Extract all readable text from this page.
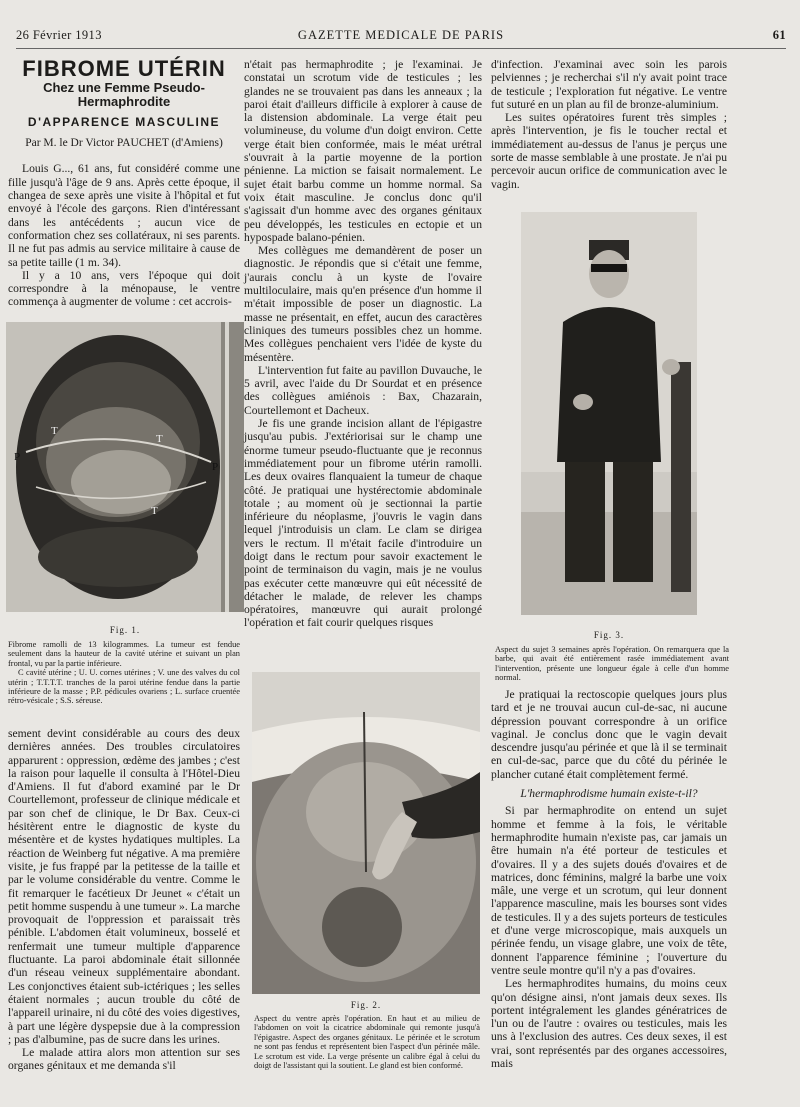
26 Février 1913	GAZETTE MEDICALE DE PARIS	61
FIBROME UTÉRIN
Chez une Femme Pseudo-Hermaphrodite
D'APPARENCE MASCULINE
Par M. le Dr Victor PAUCHET (d'Amiens)

Louis G..., 61 ans, fut considéré comme une fille jusqu'à l'âge de 9 ans. Après cette époque, il changea de sexe après une visite à l'hôpital et fut envoyé à l'école des garçons. Rien d'intéressant dans les antécédents ; aucun vice de conformation chez ses collatéraux, ni ses parents. Il ne fut pas admis au service militaire à cause de sa petite taille (1 m. 34).

Il y a 10 ans, vers l'époque qui doit correspondre à la ménopause, le ventre commença à augmenter de volume : cet accrois-

P
T
T
T
P
Fig. 1.

Fibrome ramolli de 13 kilogrammes. La tumeur est fendue seulement dans la hauteur de la cavité utérine et suivant un plan frontal, vu par la partie inférieure.

C cavité utérine ; U. U. cornes utérines ; V. une des valves du col utérin ; T.T.T.T. tranches de la paroi utérine fendue dans la partie inférieure de la masse ; P.P. pédicules ovariens ; L. surface cruentée rétro-vésicale ; S.S. séreuse.

sement devint considérable au cours des deux dernières années. Des troubles circulatoires apparurent : oppression, œdème des jambes ; c'est la raison pour laquelle il consulta à l'Hôtel-Dieu d'Amiens. Il fut d'abord examiné par le Dr Courtellemont, professeur de clinique médicale et par son chef de clinique, le Dr Bax. Ceux-ci hésitèrent entre le diagnostic de kyste du mésentère et de kystes hydatiques multiples. La réaction de Weinberg fut négative. A ma première visite, je fus frappé par la petitesse de la taille et par le volume considérable du ventre. Comme le fit remarquer le facétieux Dr Jeunet « c'était un petit homme suspendu à une tumeur ». La marche provoquait de l'oppression et paraissait très pénible. L'abdomen était volumineux, bosselé et renfermait une tumeur multiple d'apparence fluctuante. La paroi abdominale était sillonnée d'un réseau veineux supplémentaire abondant. Les conjonctives étaient sub-ictériques ; les selles étaient normales ; aucun trouble du côté de l'appareil urinaire, ni du côté des voies digestives, à part une légère dyspepsie due à la compression ; pas d'albumine, pas de sucre dans les urines.

Le malade attira alors mon attention sur ses organes génitaux et me demanda s'il

n'était pas hermaphrodite ; je l'examinai. Je constatai un scrotum vide de testicules ; les glandes ne se trouvaient pas dans les anneaux ; la paroi était d'ailleurs difficile à explorer à cause de la distension abdominale. La verge était peu volumineuse, du volume d'un doigt environ. Cette verge était bien conformée, mais le méat urétral s'ouvrait à la partie moyenne de la portion pénienne. La miction se faisait normalement. Le sujet était barbu comme un homme normal. Sa voix était masculine. Je conclus donc qu'il s'agissait d'un homme avec des organes génitaux peu développés, les testicules en ectopie et un hypospade balano-pénien.

Mes collègues me demandèrent de poser un diagnostic. Je répondis que si c'était une femme, j'aurais conclu à un kyste de l'ovaire multiloculaire, mais qu'en présence d'un homme il m'était impossible de poser un diagnostic. La masse ne présentait, en effet, aucun des caractères cliniques des tumeurs possibles chez un homme. Mes collègues penchaient vers l'idée de kyste du mésentère.

L'intervention fut faite au pavillon Duvauche, le 5 avril, avec l'aide du Dr Sourdat et en présence des collègues amiénois : Bax, Chazarain, Courtellemont et Dacheux.

Je fis une grande incision allant de l'épigastre jusqu'au pubis. J'extériorisai sur le champ une énorme tumeur pseudo-fluctuante que je reconnus immédiatement pour un fibrome utérin ramolli. Les deux ovaires flanquaient la tumeur de chaque côté. Je pratiquai une hystérectomie abdominale totale ; au moment où je sectionnai la partie inférieure du néoplasme, j'ouvris le vagin dans lequel j'introduisis un clam. Le clam se dirigea vers le rectum. Il m'était facile d'introduire un doigt dans le rectum pour savoir exactement le point de terminaison du vagin, mais je ne voulus pas exécuter cette manœuvre qui eût nécessité de détacher le malade, de relever les champs opératoires, manœuvre qui aurait prolongé l'opération et fait courir quelques risques

Fig. 2.

Aspect du ventre après l'opération. En haut et au milieu de l'abdomen on voit la cicatrice abdominale qui remonte jusqu'à l'épigastre. Aspect des organes génitaux. Le périnée et le scrotum ne sont pas fendus et représentent bien l'aspect d'un périnée mâle. Le scrotum est vide. La verge présente un calibre égal à celui du doigt de l'assistant qui la soutient. Le gland est bien conformé.

d'infection. J'examinai avec soin les parois pelviennes ; je recherchai s'il n'y avait point trace de testicule ; l'exploration fut négative. Le ventre fut suturé en un plan au fil de bronze-aluminium.

Les suites opératoires furent très simples ; après l'intervention, je fis le toucher rectal et immédiatement au-dessus de l'anus je perçus une sorte de masse semblable à une prostate. Je n'ai pu percevoir aucun orifice de communication avec le vagin.

Fig. 3.

Aspect du sujet 3 semaines après l'opération. On remarquera que la barbe, qui avait été entièrement rasée immédiatement avant l'intervention, présente une longueur égale à celle d'un homme normal.

Je pratiquai la rectoscopie quelques jours plus tard et je ne trouvai aucun cul-de-sac, ni aucune dépression pouvant correspondre à un orifice vaginal. Je conclus donc que le vagin devait descendre jusqu'au périnée et que là il se terminait en cul-de-sac, parce que du côté du périnée le plancher cutané était complètement fermé.

L'hermaphrodisme humain existe-t-il?

Si par hermaphrodite on entend un sujet homme et femme à la fois, le véritable hermaphrodite humain n'existe pas, car jamais un être humain n'a été porteur de testicules et d'ovaires. Il y a des sujets doués d'ovaires et de matrices, donc féminins, malgré la barbe une voix mâle, une verge et un scrotum, qui leur donnent l'apparence masculine, mais les bourses sont vides de testicules. Il y a des sujets porteurs de testicules et d'une verge microscopique, mais auxquels un périnée fendu, un visage glabre, une voix de tête, donnent l'apparence féminine ; l'ouverture du ventre seule montre qu'il n'y a pas d'ovaires.

Les hermaphrodites humains, du moins ceux qu'on désigne ainsi, n'ont jamais deux sexes. Ils portent intégralement les glandes génératrices de l'un ou de l'autre : ovaires ou testicules, mais les uns à l'exclusion des autres. Ces deux sexes, il est vrai, sont représentés par des organes accessoires, mais
